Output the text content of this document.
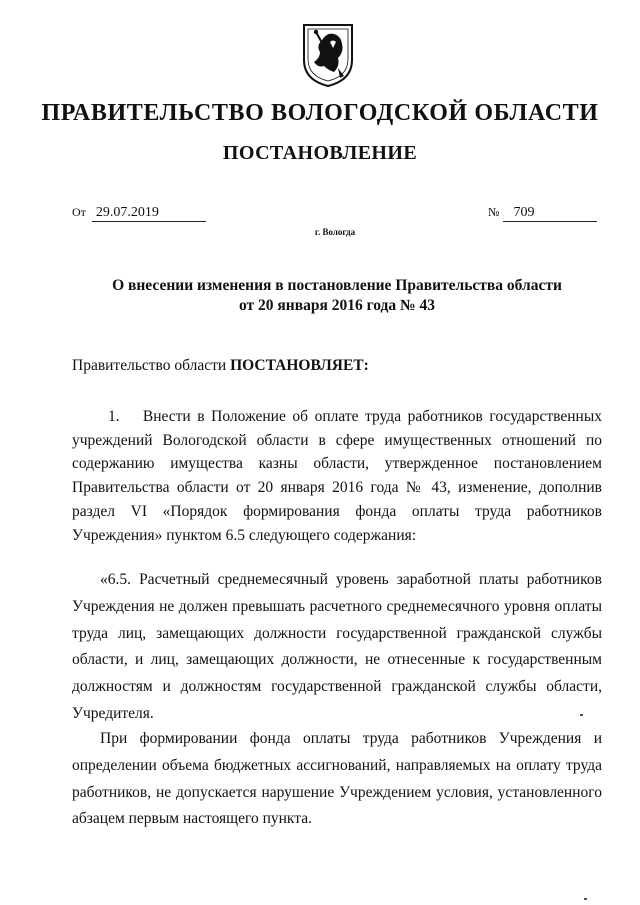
ПРАВИТЕЛЬСТВО ВОЛОГОДСКОЙ ОБЛАСТИ
ПОСТАНОВЛЕНИЕ
От 29.07.2019	№ 709
г. Вологда
О внесении изменения в постановление Правительства области
от 20 января 2016 года № 43
Правительство области ПОСТАНОВЛЯЕТ:
1.  Внести в Положение об оплате труда работников государственных учреждений Вологодской области в сфере имущественных отношений по содержанию имущества казны области, утвержденное постановлением Правительства области от 20 января 2016 года № 43, изменение, дополнив раздел VI «Порядок формирования фонда оплаты труда работников Учреждения» пунктом 6.5 следующего содержания:
«6.5. Расчетный среднемесячный уровень заработной платы работников Учреждения не должен превышать расчетного среднемесячного уровня оплаты труда лиц, замещающих должности государственной гражданской службы области, и лиц, замещающих должности, не отнесенные к государственным должностям и должностям государственной гражданской службы области, Учредителя.
При формировании фонда оплаты труда работников Учреждения и определении объема бюджетных ассигнований, направляемых на оплату труда работников, не допускается нарушение Учреждением условия, установленного абзацем первым настоящего пункта.
